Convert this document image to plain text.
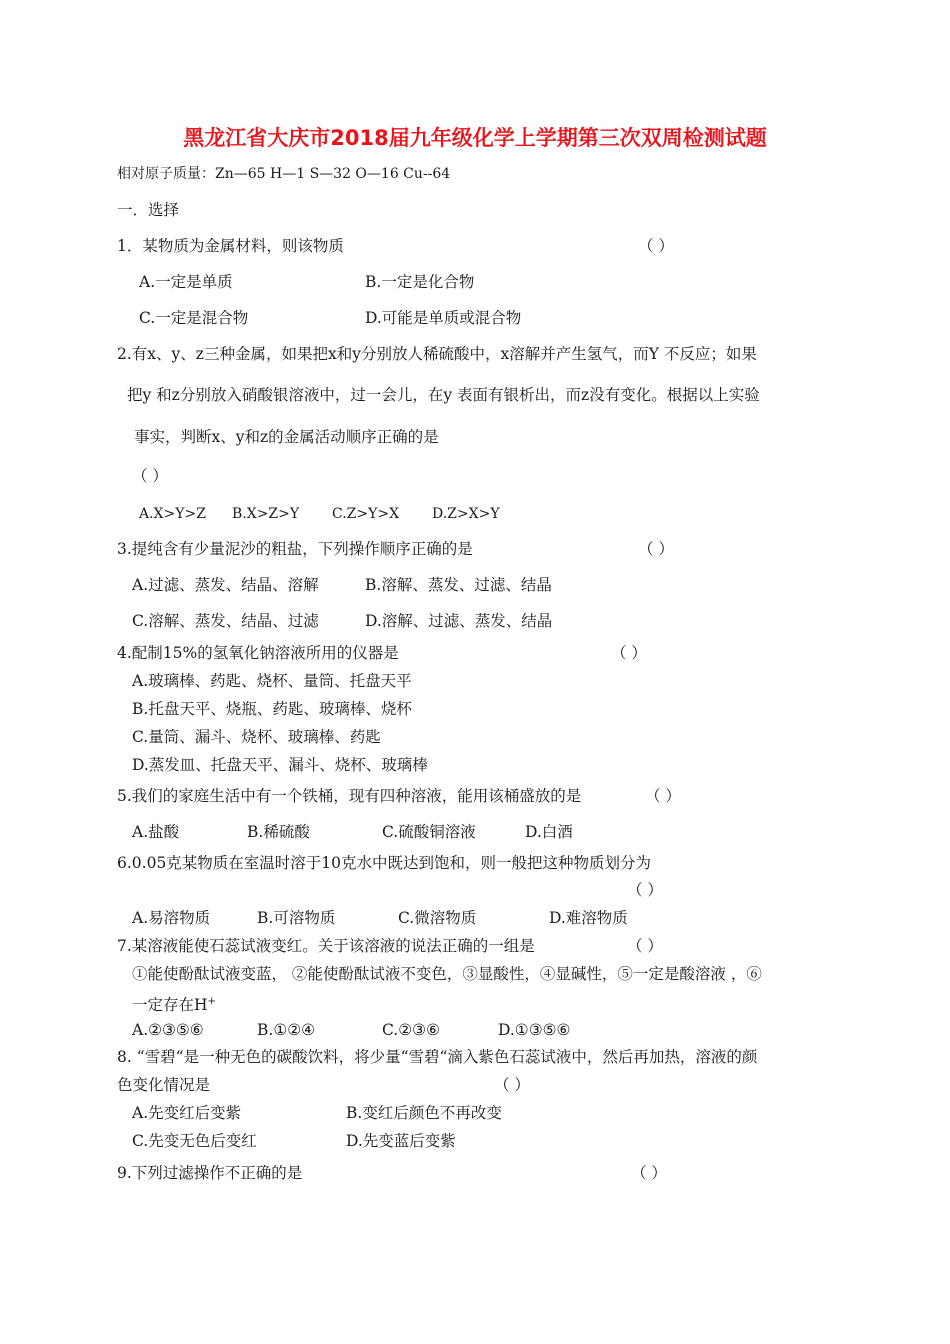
黑龙江省大庆市2018届九年级化学上学期第三次双周检测试题
相对原子质量：Zn—65 H—1 S—32 O—16 Cu--64
一．选择
1．某物质为金属材料，则该物质	（ ）
A.一定是单质	B.一定是化合物
C.一定是混合物	D.可能是单质或混合物
2.有x、y、z三种金属，如果把x和y分别放人稀硫酸中，x溶解并产生氢气，而Y 不反应；如果
把y 和z分别放入硝酸银溶液中，过一会儿，在y 表面有银析出，而z没有变化。根据以上实验
事实，判断x、y和z的金属活动顺序正确的是
（ ）
A.X>Y>Z B.X>Z>Y C.Z>Y>X D.Z>X>Y
3.提纯含有少量泥沙的粗盐，下列操作顺序正确的是	（ ）
A.过滤、蒸发、结晶、溶解	B.溶解、蒸发、过滤、结晶
C.溶解、蒸发、结晶、过滤	D.溶解、过滤、蒸发、结晶
4.配制15%的氢氧化钠溶液所用的仪器是	（ ）
A.玻璃棒、药匙、烧杯、量筒、托盘天平
B.托盘天平、烧瓶、药匙、玻璃棒、烧杯
C.量筒、漏斗、烧杯、玻璃棒、药匙
D.蒸发皿、托盘天平、漏斗、烧杯、玻璃棒
5.我们的家庭生活中有一个铁桶，现有四种溶液，能用该桶盛放的是	（ ）
A.盐酸	B.稀硫酸	C.硫酸铜溶液	D.白酒
6.0.05克某物质在室温时溶于10克水中既达到饱和，则一般把这种物质划分为
（ ）
A.易溶物质	B.可溶物质	C.微溶物质	D.难溶物质
7.某溶液能使石蕊试液变红。关于该溶液的说法正确的一组是	（ ）
①能使酚酞试液变蓝， ②能使酚酞试液不变色，③显酸性，④显碱性，⑤一定是酸溶液 ，⑥
一定存在H+
A.②③⑤⑥	B.①②④	C.②③⑥	D.①③⑤⑥
8. “雪碧“是一种无色的碳酸饮料，将少量“雪碧“滴入紫色石蕊试液中，然后再加热，溶液的颜
色变化情况是	（ ）
A.先变红后变紫	B.变红后颜色不再改变
C.先变无色后变红	D.先变蓝后变紫
9.下列过滤操作不正确的是	（ ）
